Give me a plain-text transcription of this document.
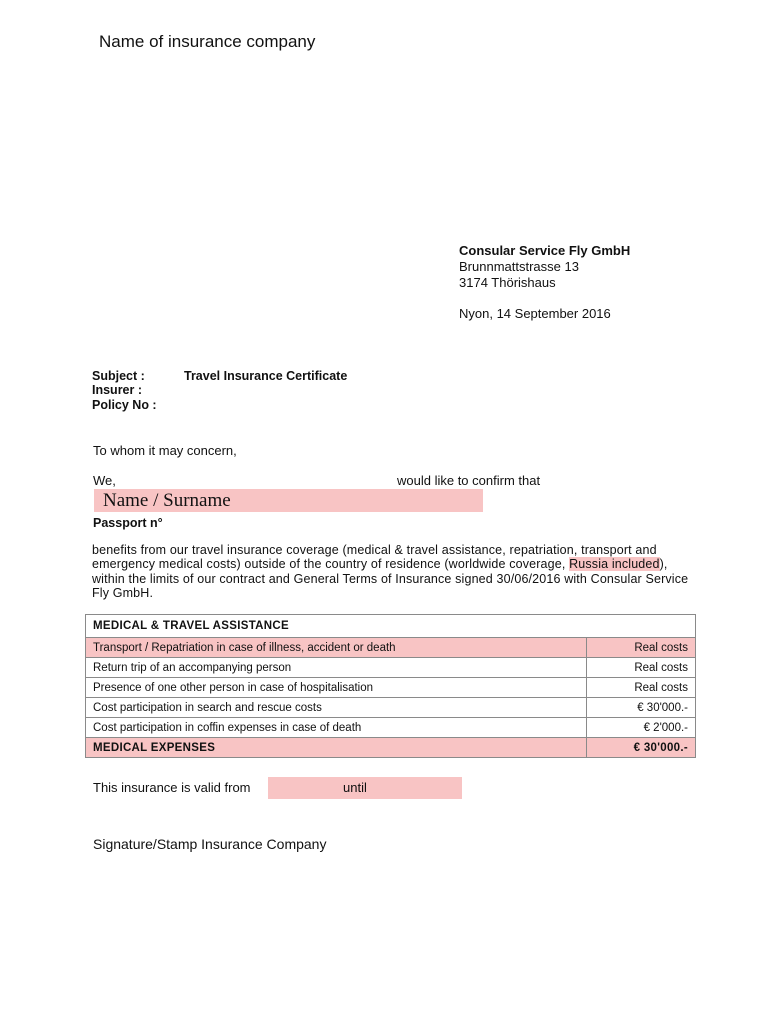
Name of insurance company
Consular Service Fly GmbH
Brunnmattstrasse 13
3174 Thörishaus
Nyon, 14 September 2016
Subject :	Travel Insurance Certificate
Insurer :
Policy No :
To whom it may concern,
We,	would like to confirm that
Name / Surname
Passport n°
benefits from our travel insurance coverage (medical & travel assistance, repatriation, transport and emergency medical costs) outside of the country of residence (worldwide coverage, Russia included), within the limits of our contract and General Terms of Insurance signed 30/06/2016 with Consular Service Fly GmbH.
MEDICAL & TRAVEL ASSISTANCE	
Transport / Repatriation in case of illness, accident or death	Real costs
Return trip of an accompanying person	Real costs
Presence of one other person in case of hospitalisation	Real costs
Cost participation in search and rescue costs	€ 30'000.-
Cost participation in coffin expenses in case of death	€ 2'000.-
MEDICAL EXPENSES	€ 30'000.-
This insurance is valid from	until
Signature/Stamp Insurance Company
